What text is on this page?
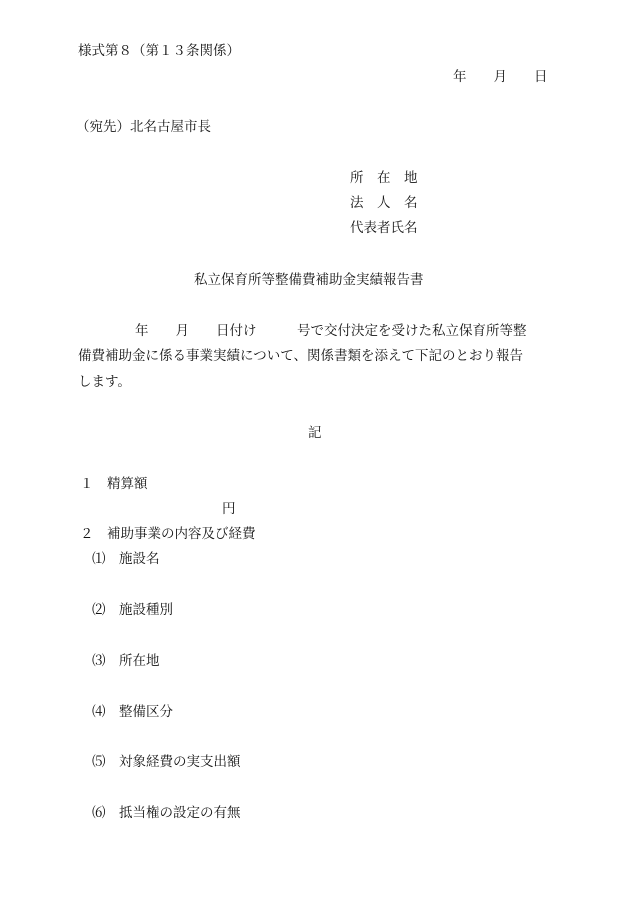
様式第８（第１３条関係）
年　　月　　日
（宛先）北名古屋市長
所　在　地
法　人　名
代表者氏名
私立保育所等整備費補助金実績報告書
年　　月　　日付け　　　号で交付決定を受けた私立保育所等整
備費補助金に係る事業実績について、関係書類を添えて下記のとおり報告
します。
記
１　精算額
円
２　補助事業の内容及び経費
⑴　施設名
⑵　施設種別
⑶　所在地
⑷　整備区分
⑸　対象経費の実支出額
⑹　抵当権の設定の有無
